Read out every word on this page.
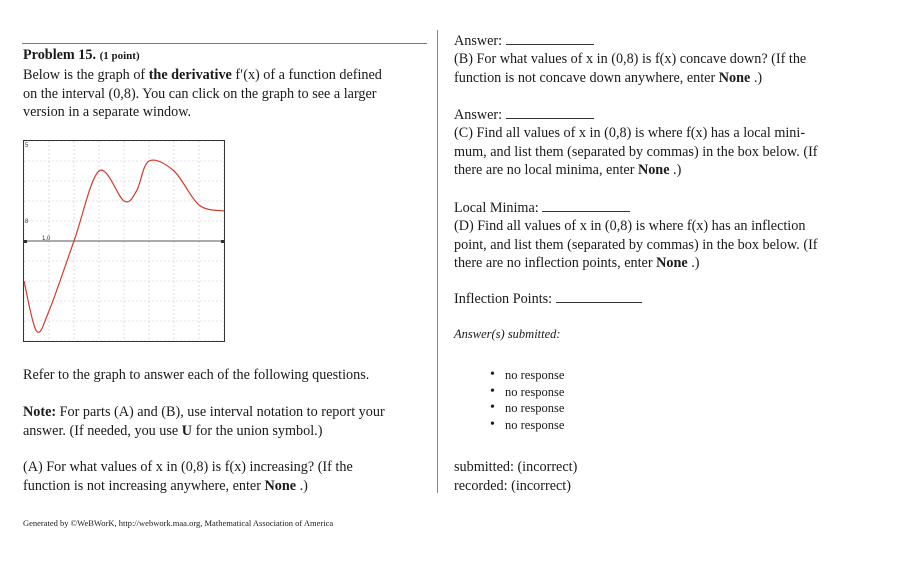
Problem 15. (1 point)
Below is the graph of the derivative f′(x) of a function defined
on the interval (0,8). You can click on the graph to see a larger
version in a separate window.
5
8
1,0
Refer to the graph to answer each of the following questions.
Note: For parts (A) and (B), use interval notation to report your
answer. (If needed, you use U for the union symbol.)
(A) For what values of x in (0,8) is f(x) increasing? (If the
function is not increasing anywhere, enter None .)
Generated by ©WeBWorK, http://webwork.maa.org, Mathematical Association of America
Answer:
(B) For what values of x in (0,8) is f(x) concave down? (If the
function is not concave down anywhere, enter None .)
Answer:
(C) Find all values of x in (0,8) is where f(x) has a local mini-
mum, and list them (separated by commas) in the box below. (If
there are no local minima, enter None .)
Local Minima:
(D) Find all values of x in (0,8) is where f(x) has an inflection
point, and list them (separated by commas) in the box below. (If
there are no inflection points, enter None .)
Inflection Points:
Answer(s) submitted:
• no response
• no response
• no response
• no response
submitted: (incorrect)
recorded: (incorrect)
